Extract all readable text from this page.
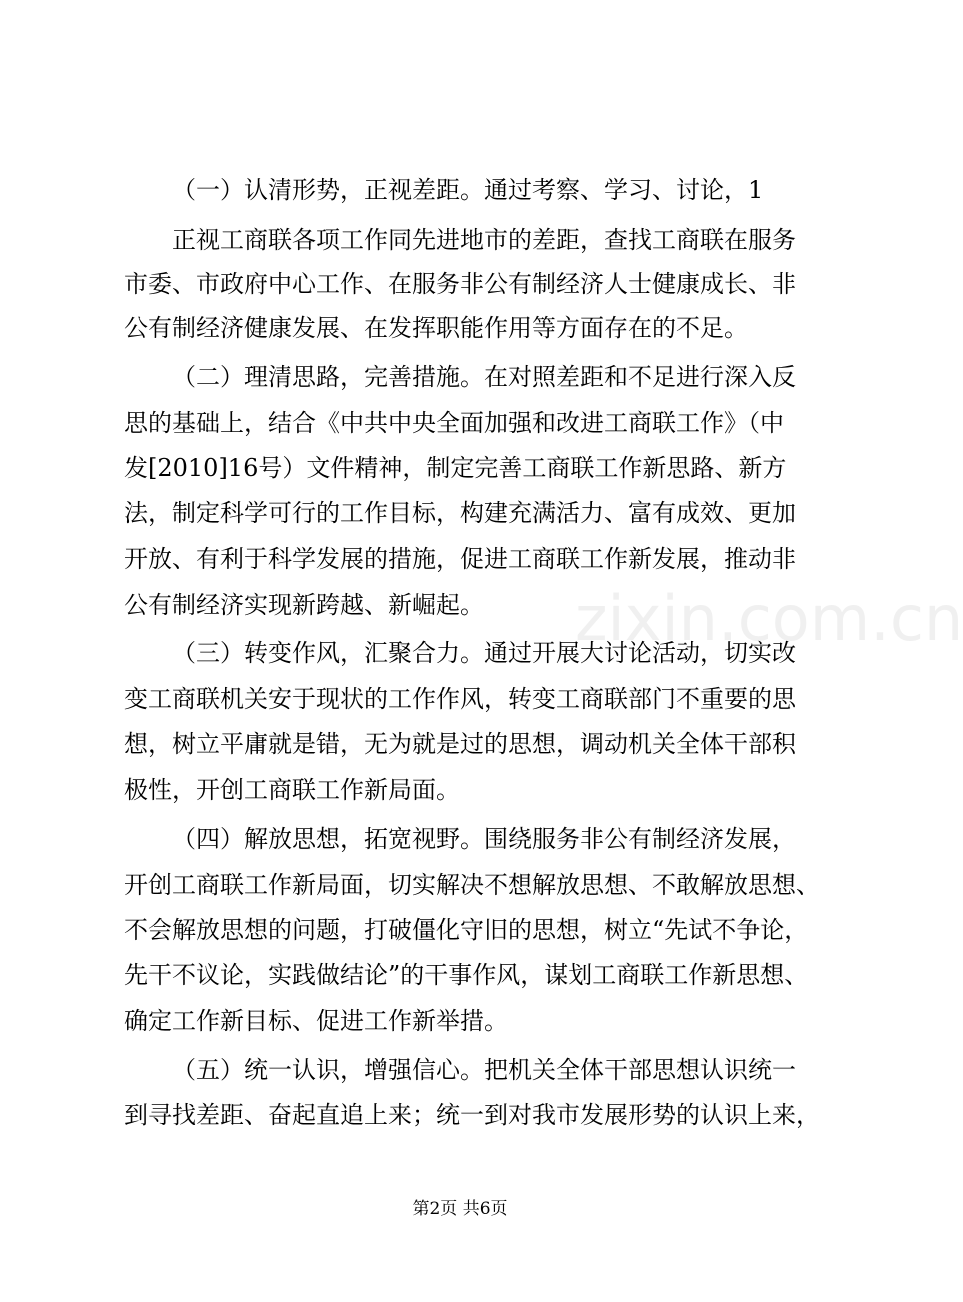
zixin.com.cn
（一）认清形势，正视差距。通过考察、学习、讨论，1
正视工商联各项工作同先进地市的差距，查找工商联在服务
市委、市政府中心工作、在服务非公有制经济人士健康成长、非
公有制经济健康发展、在发挥职能作用等方面存在的不足。
（二）理清思路，完善措施。在对照差距和不足进行深入反
思的基础上，结合《中共中央全面加强和改进工商联工作》（中
发[2010]16号）文件精神，制定完善工商联工作新思路、新方
法，制定科学可行的工作目标，构建充满活力、富有成效、更加
开放、有利于科学发展的措施，促进工商联工作新发展，推动非
公有制经济实现新跨越、新崛起。
（三）转变作风，汇聚合力。通过开展大讨论活动，切实改
变工商联机关安于现状的工作作风，转变工商联部门不重要的思
想，树立平庸就是错，无为就是过的思想，调动机关全体干部积
极性，开创工商联工作新局面。
（四）解放思想，拓宽视野。围绕服务非公有制经济发展，
开创工商联工作新局面，切实解决不想解放思想、不敢解放思想、
不会解放思想的问题，打破僵化守旧的思想，树立“先试不争论，
先干不议论，实践做结论”的干事作风，谋划工商联工作新思想、
确定工作新目标、促进工作新举措。
（五）统一认识，增强信心。把机关全体干部思想认识统一
到寻找差距、奋起直追上来；统一到对我市发展形势的认识上来，
第2页 共6页
